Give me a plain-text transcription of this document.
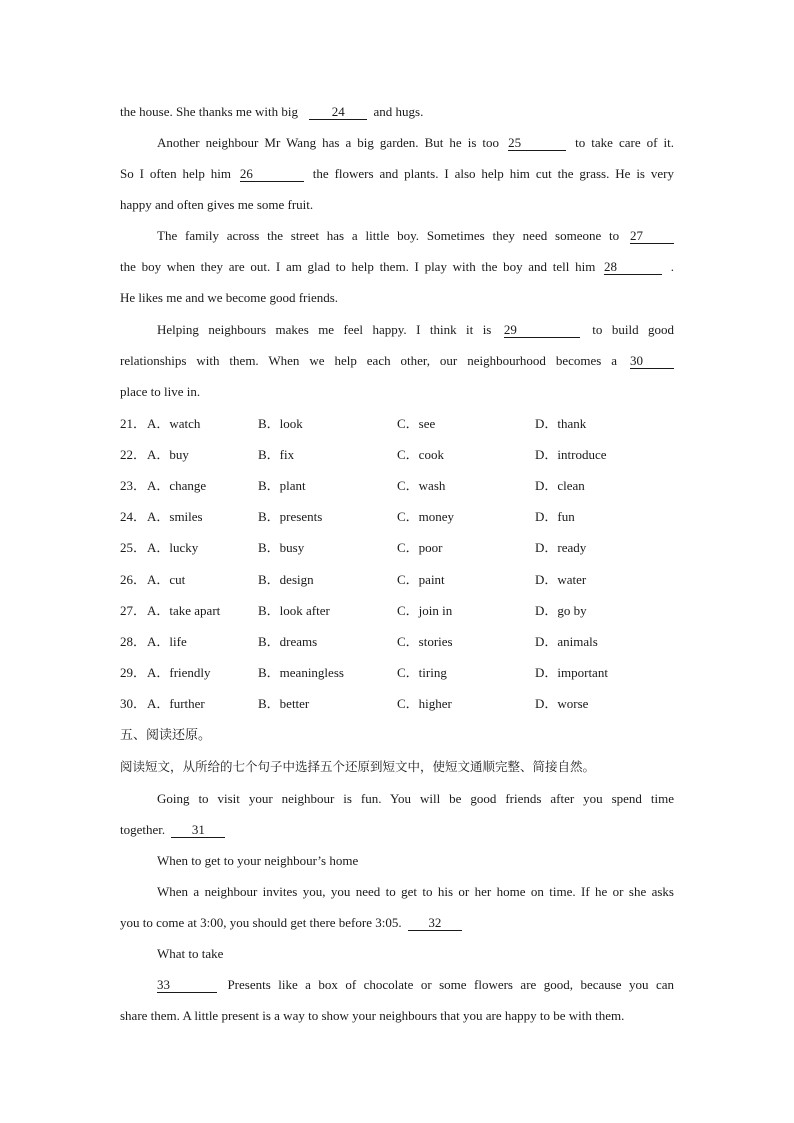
the house. She thanks me with big	24 and hugs.
Another neighbour Mr Wang has a big garden. But he is too 25	to take care of it.
So I often help him 26	the flowers and plants. I also help him cut the grass. He is very
happy and often gives me some fruit.
The family across the street has a little boy. Sometimes they need someone to 27
the boy when they are out. I am glad to help them. I play with the boy and tell him 28	.
He likes me and we become good friends.
Helping neighbours makes me feel happy. I think it is 29	to build good
relationships with them. When we help each other, our neighbourhood becomes a 30
place to live in.
21． A．watch	B．look	C．see	D．thank
22． A．buy	B．fix	C．cook	D．introduce
23． A．change	B．plant	C．wash	D．clean
24． A．smiles	B．presents	C．money	D．fun
25． A．lucky	B．busy	C．poor	D．ready
26． A．cut	B．design	C．paint	D．water
27． A．take apart	B．look after	C．join in	D．go by
28． A．life	B．dreams	C．stories	D．animals
29． A．friendly	B．meaningless	C．tiring	D．important
30． A．further	B．better	C．higher	D．worse
五、阅读还原。
阅读短文，从所给的七个句子中选择五个还原到短文中，使短文通顺完整、简接自然。
Going to visit your neighbour is fun. You will be good friends after you spend time
together. 31
When to get to your neighbour’s home
When a neighbour invites you, you need to get to his or her home on time. If he or she asks
you to come at 3:00, you should get there before 3:05. 32
What to take
33	Presents like a box of chocolate or some flowers are good, because you can
share them. A little present is a way to show your neighbours that you are happy to be with them.
